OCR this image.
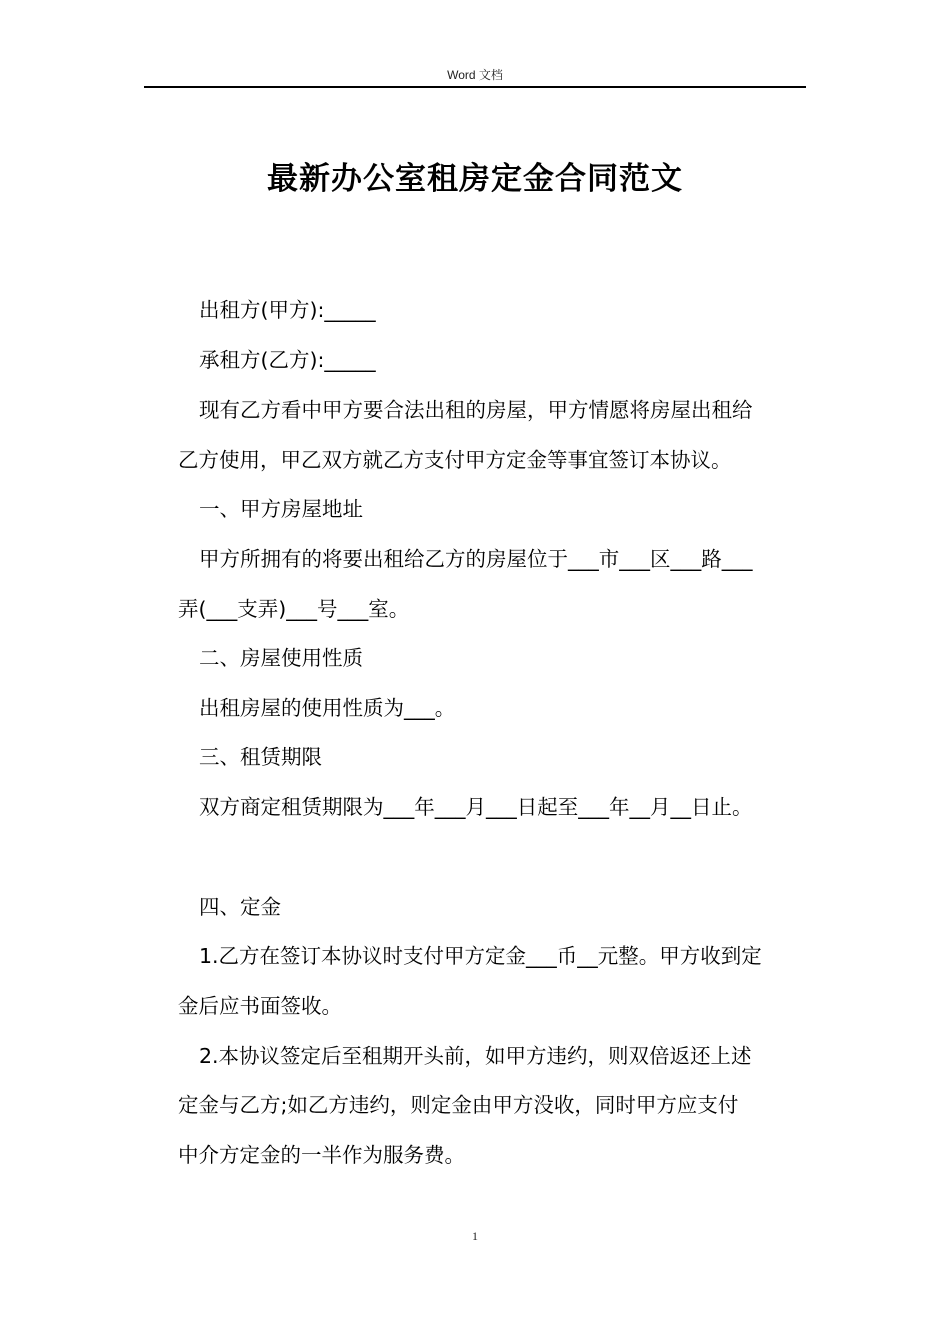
Word 文档
最新办公室租房定金合同范文
出租方(甲方):_____
承租方(乙方):_____
现有乙方看中甲方要合法出租的房屋，甲方情愿将房屋出租给
乙方使用，甲乙双方就乙方支付甲方定金等事宜签订本协议。
一、甲方房屋地址
甲方所拥有的将要出租给乙方的房屋位于___市___区___路___
弄(___支弄)___号___室。
二、房屋使用性质
出租房屋的使用性质为___。
三、租赁期限
双方商定租赁期限为___年___月___日起至___年__月__日止。
四、定金
1.乙方在签订本协议时支付甲方定金___币__元整。甲方收到定
金后应书面签收。
2.本协议签定后至租期开头前，如甲方违约，则双倍返还上述
定金与乙方;如乙方违约，则定金由甲方没收，同时甲方应支付
中介方定金的一半作为服务费。
1
